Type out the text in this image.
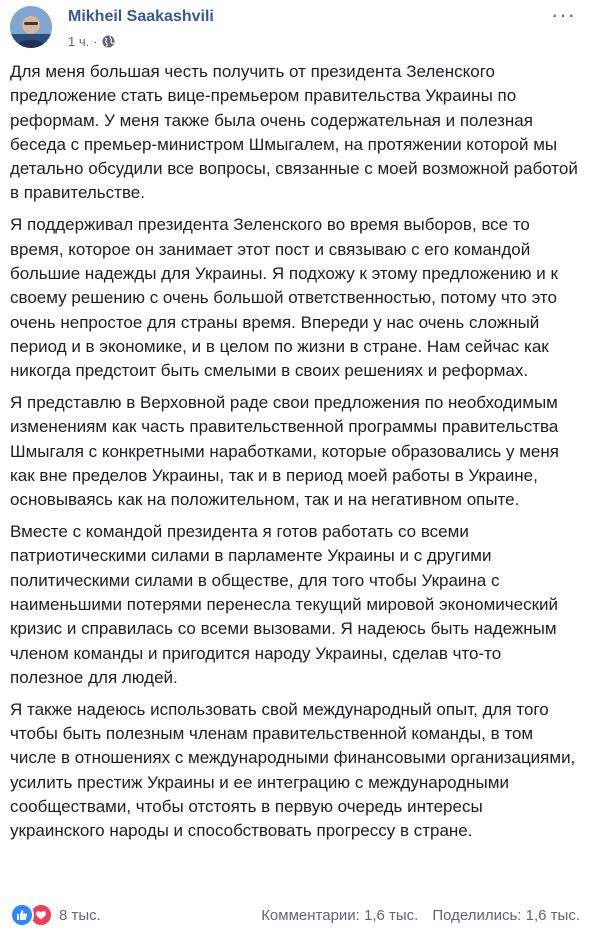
Mikheil Saakashvili
1 ч. ·
···

Для меня большая честь получить от президента Зеленского предложение стать вице-премьером правительства Украины по реформам. У меня также была очень содержательная и полезная беседа с премьер-министром Шмыгалем, на протяжении которой мы детально обсудили все вопросы, связанные с моей возможной работой в правительстве.

Я поддерживал президента Зеленского во время выборов, все то время, которое он занимает этот пост и связываю с его командой большие надежды для Украины. Я подхожу к этому предложению и к своему решению с очень большой ответственностью, потому что это очень непростое для страны время. Впереди у нас очень сложный период и в экономике, и в целом по жизни в стране. Нам сейчас как никогда предстоит быть смелыми в своих решениях и реформах.

Я представлю в Верховной раде свои предложения по необходимым изменениям как часть правительственной программы правительства Шмыгаля с конкретными наработками, которые образовались у меня как вне пределов Украины, так и в период моей работы в Украине, основываясь как на положительном, так и на негативном опыте.

Вместе с командой президента я готов работать со всеми патриотическими силами в парламенте Украины и с другими политическими силами в обществе, для того чтобы Украина с наименьшими потерями перенесла текущий мировой экономический кризис и справилась со всеми вызовами. Я надеюсь быть надежным членом команды и пригодится народу Украины, сделав что-то полезное для людей.

Я также надеюсь использовать свой международный опыт, для того чтобы быть полезным членам правительственной команды, в том числе в отношениях с международными финансовыми организациями, усилить престиж Украины и ее интеграцию с международными сообществами, чтобы отстоять в первую очередь интересы украинского народы и способствовать прогрессу в стране.

8 тыс.	Комментарии: 1,6 тыс. Поделились: 1,6 тыс.
